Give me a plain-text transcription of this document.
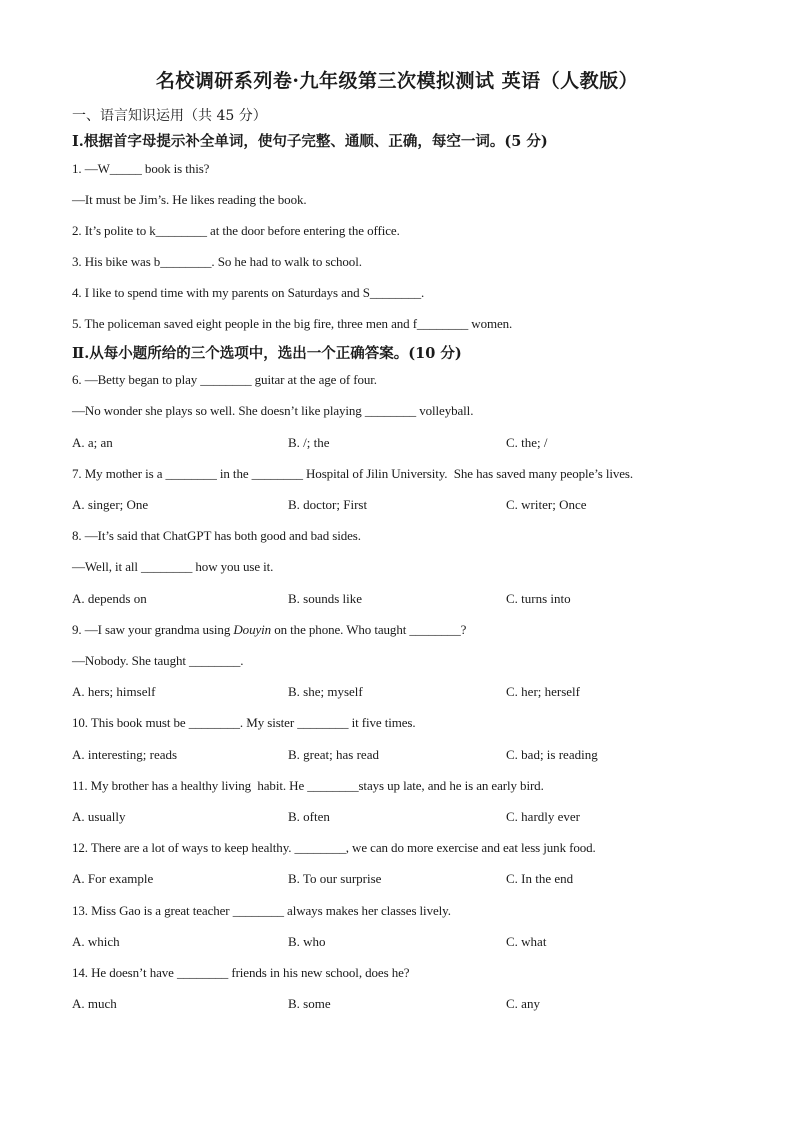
名校调研系列卷·九年级第三次模拟测试 英语（人教版）
一、语言知识运用（共 45 分）
I.根据首字母提示补全单词，使句子完整、通顺、正确，每空一词。(5 分)
1. —W_____ book is this?
—It must be Jim’s. He likes reading the book.
2. It’s polite to k________ at the door before entering the office.
3. His bike was b________. So he had to walk to school.
4. I like to spend time with my parents on Saturdays and S________.
5. The policeman saved eight people in the big fire, three men and f________ women.
Ⅱ.从每小题所给的三个选项中，选出一个正确答案。(10 分)
6. —Betty began to play ________ guitar at the age of four.
—No wonder she plays so well. She doesn’t like playing ________ volleyball.
A. a; an	B. /; the	C. the; /
7. My mother is a ________ in the ________ Hospital of Jilin University.  She has saved many people’s lives.
A. singer; One	B. doctor; First	C. writer; Once
8. —It’s said that ChatGPT has both good and bad sides.
—Well, it all ________ how you use it.
A. depends on	B. sounds like	C. turns into
9. —I saw your grandma using Douyin on the phone. Who taught ________?
—Nobody. She taught ________.
A. hers; himself	B. she; myself	C. her; herself
10. This book must be ________. My sister ________ it five times.
A. interesting; reads	B. great; has read	C. bad; is reading
11. My brother has a healthy living  habit. He ________stays up late, and he is an early bird.
A. usually	B. often	C. hardly ever
12. There are a lot of ways to keep healthy. ________, we can do more exercise and eat less junk food.
A. For example	B. To our surprise	C. In the end
13. Miss Gao is a great teacher ________ always makes her classes lively.
A. which	B. who	C. what
14. He doesn’t have ________ friends in his new school, does he?
A. much	B. some	C. any
